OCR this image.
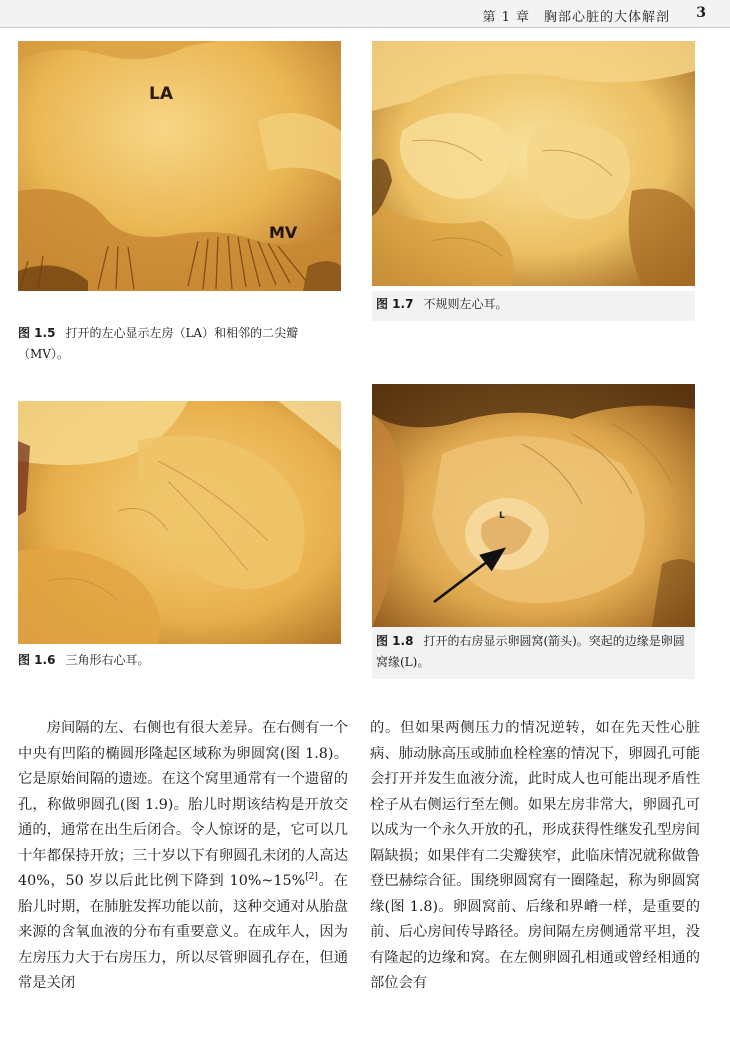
第 1 章　胸部心脏的大体解剖 3
LA
MV
图 1.5 打开的左心显示左房（LA）和相邻的二尖瓣（MV）。
图 1.7 不规则左心耳。
图 1.6 三角形右心耳。
L
图 1.8 打开的右房显示卵圆窝(箭头)。突起的边缘是卵圆窝缘(L)。

房间隔的左、右侧也有很大差异。在右侧有一个中央有凹陷的椭圆形隆起区域称为卵圆窝(图 1.8)。它是原始间隔的遗迹。在这个窝里通常有一个遗留的孔，称做卵圆孔(图 1.9)。胎儿时期该结构是开放交通的，通常在出生后闭合。令人惊讶的是，它可以几十年都保持开放；三十岁以下有卵圆孔未闭的人高达 40%，50 岁以后此比例下降到 10%~15%[2]。在胎儿时期，在肺脏发挥功能以前，这种交通对从胎盘来源的含氧血液的分布有重要意义。在成年人，因为左房压力大于右房压力，所以尽管卵圆孔存在，但通常是关闭

的。但如果两侧压力的情况逆转，如在先天性心脏病、肺动脉高压或肺血栓栓塞的情况下，卵圆孔可能会打开并发生血液分流，此时成人也可能出现矛盾性栓子从右侧运行至左侧。如果左房非常大，卵圆孔可以成为一个永久开放的孔，形成获得性继发孔型房间隔缺损；如果伴有二尖瓣狭窄，此临床情况就称做鲁登巴赫综合征。围绕卵圆窝有一圈隆起，称为卵圆窝缘(图 1.8)。卵圆窝前、后缘和界嵴一样，是重要的前、后心房间传导路径。房间隔左房侧通常平坦，没有隆起的边缘和窝。在左侧卵圆孔相通或曾经相通的部位会有
